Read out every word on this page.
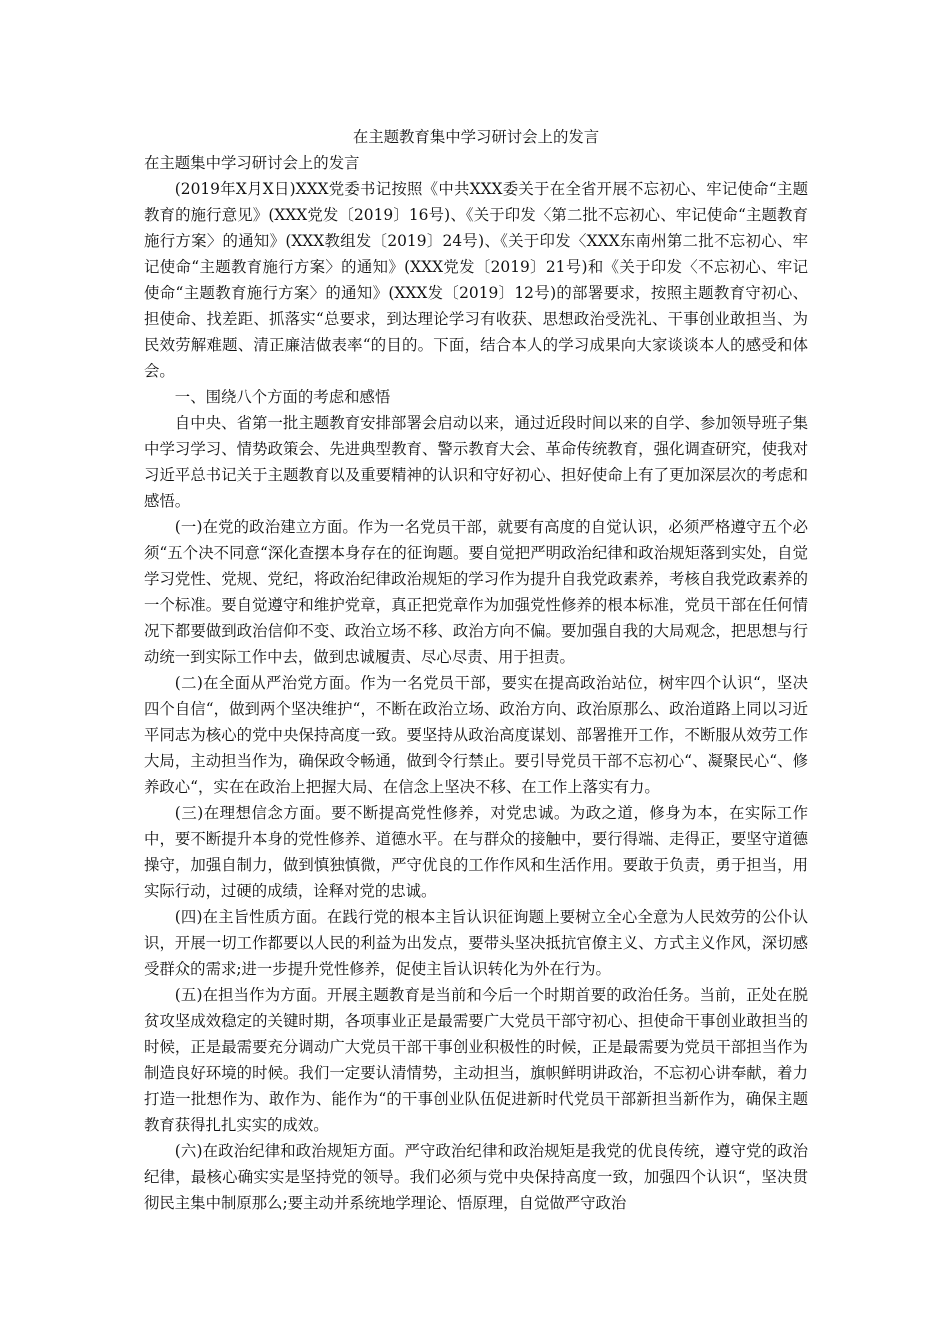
在主题教育集中学习研讨会上的发言

在主题集中学习研讨会上的发言

(2019年X月X日)XXX党委书记按照《中共XXX委关于在全省开展不忘初心、牢记使命“主题教育的施行意见》(XXX党发〔2019〕16号)、《关于印发〈第二批不忘初心、牢记使命“主题教育施行方案〉的通知》(XXX教组发〔2019〕24号)、《关于印发〈XXX东南州第二批不忘初心、牢记使命“主题教育施行方案〉的通知》(XXX党发〔2019〕21号)和《关于印发〈不忘初心、牢记使命“主题教育施行方案〉的通知》(XXX发〔2019〕12号)的部署要求，按照主题教育守初心、担使命、找差距、抓落实“总要求，到达理论学习有收获、思想政治受洗礼、干事创业敢担当、为民效劳解难题、清正廉洁做表率“的目的。下面，结合本人的学习成果向大家谈谈本人的感受和体会。

一、围绕八个方面的考虑和感悟

自中央、省第一批主题教育安排部署会启动以来，通过近段时间以来的自学、参加领导班子集中学习学习、情势政策会、先进典型教育、警示教育大会、革命传统教育，强化调查研究，使我对习近平总书记关于主题教育以及重要精神的认识和守好初心、担好使命上有了更加深层次的考虑和感悟。

(一)在党的政治建立方面。作为一名党员干部，就要有高度的自觉认识，必须严格遵守五个必须“五个决不同意“深化查摆本身存在的征询题。要自觉把严明政治纪律和政治规矩落到实处，自觉学习党性、党规、党纪，将政治纪律政治规矩的学习作为提升自我党政素养，考核自我党政素养的一个标准。要自觉遵守和维护党章，真正把党章作为加强党性修养的根本标准，党员干部在任何情况下都要做到政治信仰不变、政治立场不移、政治方向不偏。要加强自我的大局观念，把思想与行动统一到实际工作中去，做到忠诚履责、尽心尽责、用于担责。

(二)在全面从严治党方面。作为一名党员干部，要实在提高政治站位，树牢四个认识“，坚决四个自信“，做到两个坚决维护“，不断在政治立场、政治方向、政治原那么、政治道路上同以习近平同志为核心的党中央保持高度一致。要坚持从政治高度谋划、部署推开工作，不断服从效劳工作大局，主动担当作为，确保政令畅通，做到令行禁止。要引导党员干部不忘初心“、凝聚民心“、修养政心“，实在在政治上把握大局、在信念上坚决不移、在工作上落实有力。

(三)在理想信念方面。要不断提高党性修养，对党忠诚。为政之道，修身为本，在实际工作中，要不断提升本身的党性修养、道德水平。在与群众的接触中，要行得端、走得正，要坚守道德操守，加强自制力，做到慎独慎微，严守优良的工作作风和生活作用。要敢于负责，勇于担当，用实际行动，过硬的成绩，诠释对党的忠诚。

(四)在主旨性质方面。在践行党的根本主旨认识征询题上要树立全心全意为人民效劳的公仆认识，开展一切工作都要以人民的利益为出发点，要带头坚决抵抗官僚主义、方式主义作风，深切感受群众的需求;进一步提升党性修养，促使主旨认识转化为外在行为。

(五)在担当作为方面。开展主题教育是当前和今后一个时期首要的政治任务。当前，正处在脱贫攻坚成效稳定的关键时期，各项事业正是最需要广大党员干部守初心、担使命干事创业敢担当的时候，正是最需要充分调动广大党员干部干事创业积极性的时候，正是最需要为党员干部担当作为制造良好环境的时候。我们一定要认清情势，主动担当，旗帜鲜明讲政治，不忘初心讲奉献，着力打造一批想作为、敢作为、能作为“的干事创业队伍促进新时代党员干部新担当新作为，确保主题教育获得扎扎实实的成效。

(六)在政治纪律和政治规矩方面。严守政治纪律和政治规矩是我党的优良传统，遵守党的政治纪律，最核心确实实是坚持党的领导。我们必须与党中央保持高度一致，加强四个认识“，坚决贯彻民主集中制原那么;要主动并系统地学理论、悟原理，自觉做严守政治
